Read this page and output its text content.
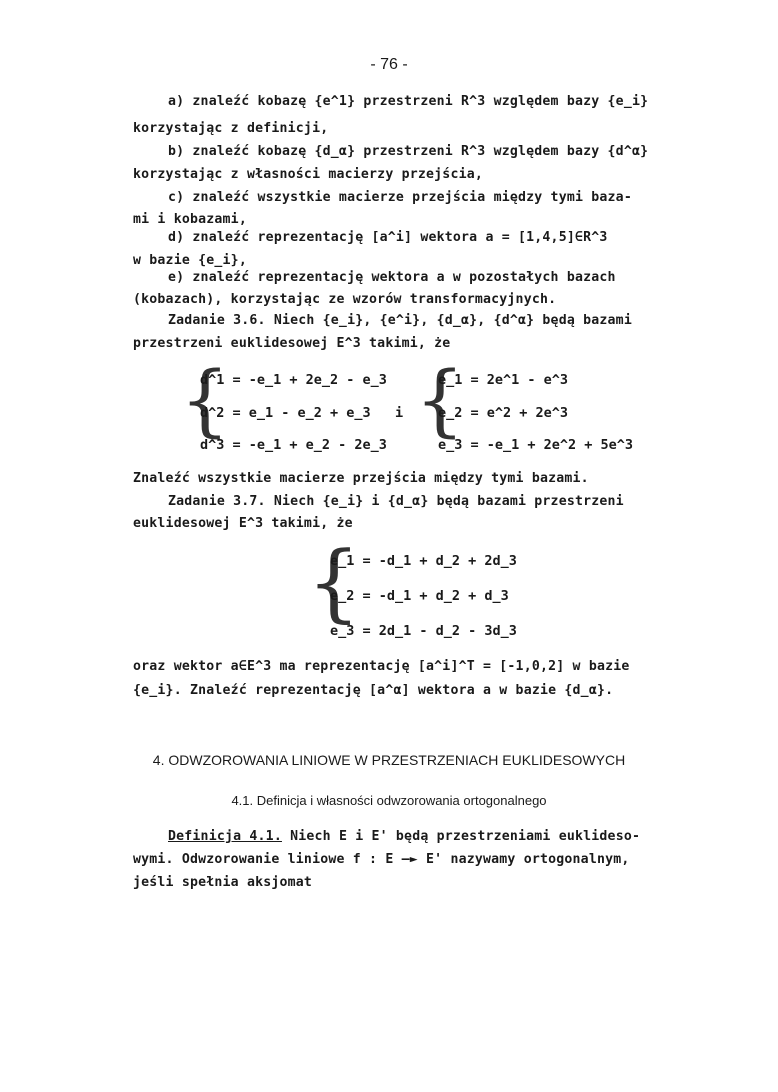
- 76 -
a) znaleźć kobazę {e^1} przestrzeni R^3 względem bazy {e_i}
korzystając z definicji,
b) znaleźć kobazę {d_α} przestrzeni R^3 względem bazy {d^α}
korzystając z własności macierzy przejścia,
c) znaleźć wszystkie macierze przejścia między tymi baza-
mi i kobazami,
d) znaleźć reprezentację [a^i] wektora a = [1,4,5]∈R^3
w bazie {e_i},
e) znaleźć reprezentację wektora a w pozostałych bazach
(kobazach), korzystając ze wzorów transformacyjnych.
Zadanie 3.6. Niech {e_i}, {e^i}, {d_α}, {d^α} będą bazami
przestrzeni euklidesowej E^3 takimi, że
{
d^1 = -e_1 + 2e_2 - e_3
d^2 = e_1 - e_2 + e_3
d^3 = -e_1 + e_2 - 2e_3
i {
e_1 = 2e^1 - e^3
e_2 = e^2 + 2e^3
e_3 = -e_1 + 2e^2 + 5e^3
Znaleźć wszystkie macierze przejścia między tymi bazami.
Zadanie 3.7. Niech {e_i} i {d_α} będą bazami przestrzeni
euklidesowej E^3 takimi, że
{
e_1 = -d_1 + d_2 + 2d_3
e_2 = -d_1 + d_2 + d_3
e_3 = 2d_1 - d_2 - 3d_3
oraz wektor a∈E^3 ma reprezentację [a^i]^T = [-1,0,2] w bazie
{e_i}. Znaleźć reprezentację [a^α] wektora a w bazie {d_α}.
4. ODWZOROWANIA LINIOWE W PRZESTRZENIACH EUKLIDESOWYCH
4.1. Definicja i własności odwzorowania ortogonalnego
Definicja 4.1. Niech E i E' będą przestrzeniami euklideso-
wymi. Odwzorowanie liniowe f : E —► E' nazywamy ortogonalnym,
jeśli spełnia aksjomat
